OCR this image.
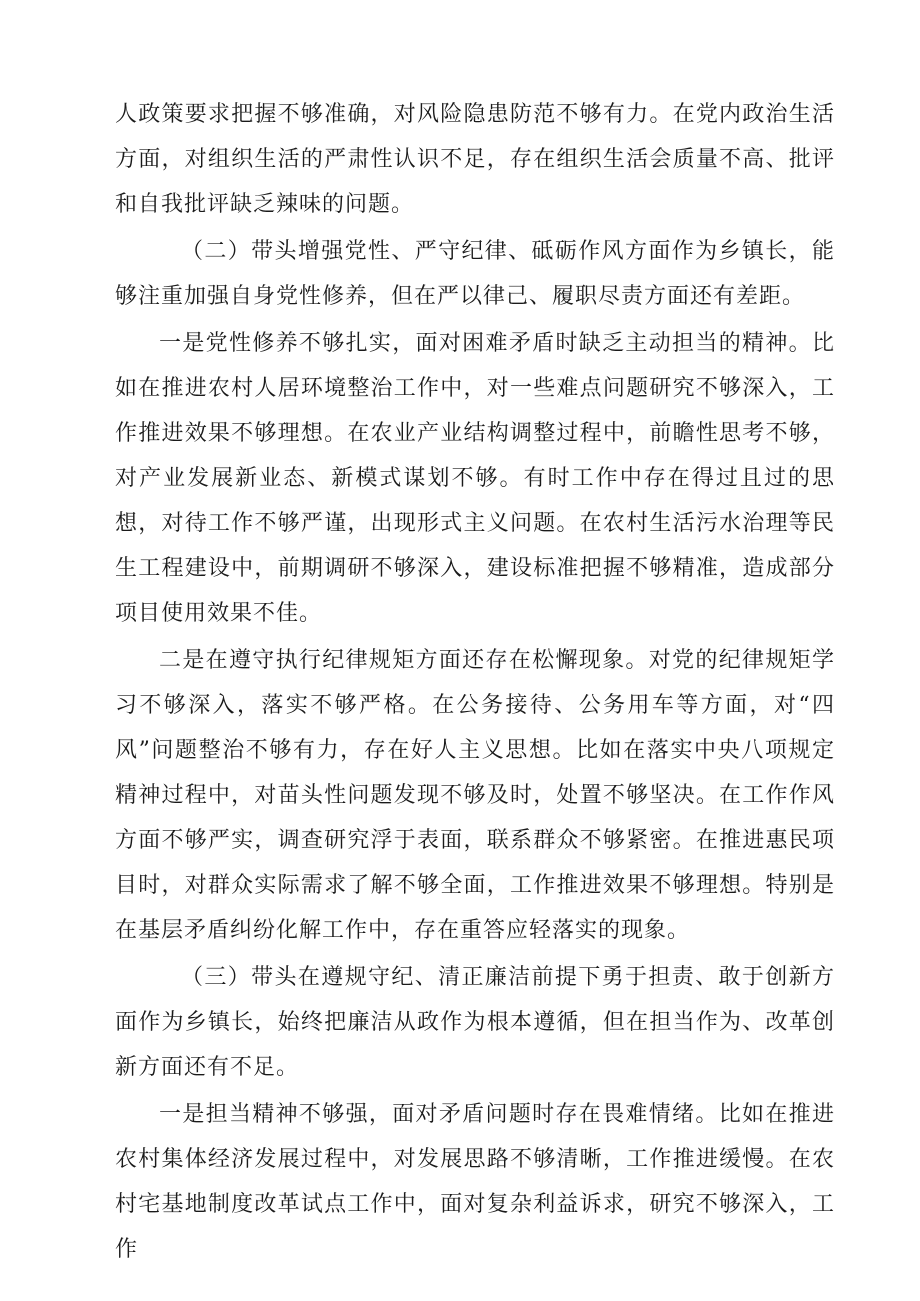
人政策要求把握不够准确，对风险隐患防范不够有力。在党内政治生活方面，对组织生活的严肃性认识不足，存在组织生活会质量不高、批评和自我批评缺乏辣味的问题。

（二）带头增强党性、严守纪律、砥砺作风方面作为乡镇长，能够注重加强自身党性修养，但在严以律己、履职尽责方面还有差距。

一是党性修养不够扎实，面对困难矛盾时缺乏主动担当的精神。比如在推进农村人居环境整治工作中，对一些难点问题研究不够深入，工作推进效果不够理想。在农业产业结构调整过程中，前瞻性思考不够，对产业发展新业态、新模式谋划不够。有时工作中存在得过且过的思想，对待工作不够严谨，出现形式主义问题。在农村生活污水治理等民生工程建设中，前期调研不够深入，建设标准把握不够精准，造成部分项目使用效果不佳。

二是在遵守执行纪律规矩方面还存在松懈现象。对党的纪律规矩学习不够深入，落实不够严格。在公务接待、公务用车等方面，对“四风”问题整治不够有力，存在好人主义思想。比如在落实中央八项规定精神过程中，对苗头性问题发现不够及时，处置不够坚决。在工作作风方面不够严实，调查研究浮于表面，联系群众不够紧密。在推进惠民项目时，对群众实际需求了解不够全面，工作推进效果不够理想。特别是在基层矛盾纠纷化解工作中，存在重答应轻落实的现象。

（三）带头在遵规守纪、清正廉洁前提下勇于担责、敢于创新方面作为乡镇长，始终把廉洁从政作为根本遵循，但在担当作为、改革创新方面还有不足。

一是担当精神不够强，面对矛盾问题时存在畏难情绪。比如在推进农村集体经济发展过程中，对发展思路不够清晰，工作推进缓慢。在农村宅基地制度改革试点工作中，面对复杂利益诉求，研究不够深入，工作
